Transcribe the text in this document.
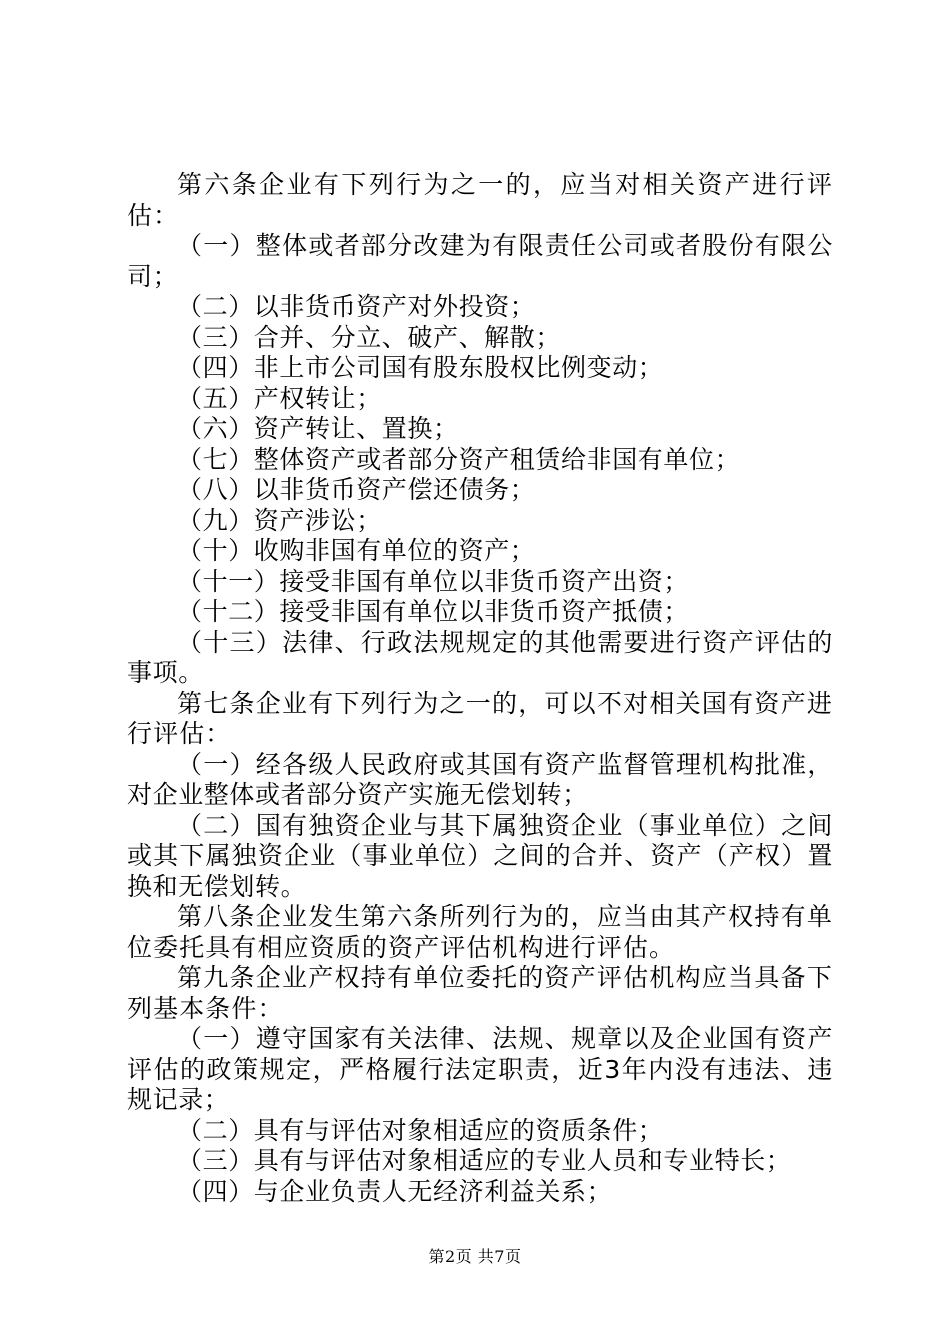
第六条企业有下列行为之一的，应当对相关资产进行评估：

（一）整体或者部分改建为有限责任公司或者股份有限公司；

（二）以非货币资产对外投资；

（三）合并、分立、破产、解散；

（四）非上市公司国有股东股权比例变动；

（五）产权转让；

（六）资产转让、置换；

（七）整体资产或者部分资产租赁给非国有单位；

（八）以非货币资产偿还债务；

（九）资产涉讼；

（十）收购非国有单位的资产；

（十一）接受非国有单位以非货币资产出资；

（十二）接受非国有单位以非货币资产抵债；

（十三）法律、行政法规规定的其他需要进行资产评估的事项。

第七条企业有下列行为之一的，可以不对相关国有资产进行评估：

（一）经各级人民政府或其国有资产监督管理机构批准，对企业整体或者部分资产实施无偿划转；

（二）国有独资企业与其下属独资企业（事业单位）之间或其下属独资企业（事业单位）之间的合并、资产（产权）置换和无偿划转。

第八条企业发生第六条所列行为的，应当由其产权持有单位委托具有相应资质的资产评估机构进行评估。

第九条企业产权持有单位委托的资产评估机构应当具备下列基本条件：

（一）遵守国家有关法律、法规、规章以及企业国有资产评估的政策规定，严格履行法定职责，近3年内没有违法、违规记录；

（二）具有与评估对象相适应的资质条件；

（三）具有与评估对象相适应的专业人员和专业特长；

（四）与企业负责人无经济利益关系；

第2页 共7页
